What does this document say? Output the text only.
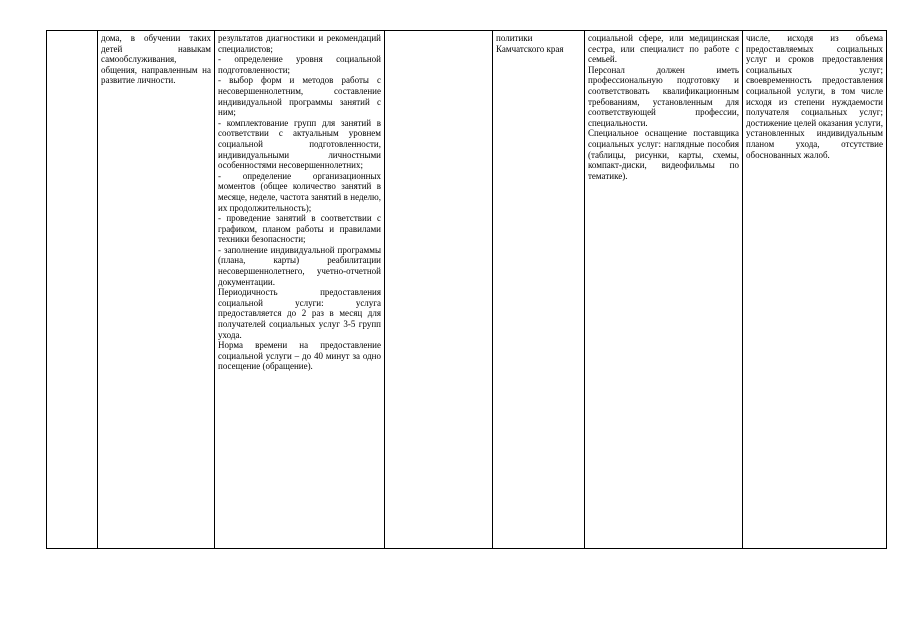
	дома, в обучении таких детей навыкам самообслуживания, общения, направленным на развитие личности.	результатов диагностики и рекомендаций специалистов;
- определение уровня социальной подготовленности;
- выбор форм и методов работы с несовершеннолетним, составление индивидуальной программы занятий с ним;
- комплектование групп для занятий в соответствии с актуальным уровнем социальной подготовленности, индивидуальными личностными особенностями несовершеннолетних;
- определение организационных моментов (общее количество занятий в месяце, неделе, частота занятий в неделю, их продолжительность);
- проведение занятий в соответствии с графиком, планом работы и правилами техники безопасности;
- заполнение индивидуальной программы (плана, карты) реабилитации несовершеннолетнего, учетно-отчетной документации.
Периодичность предоставления социальной услуги: услуга предоставляется до 2 раз в месяц для получателей социальных услуг 3-5 групп ухода.
Норма времени на предоставление социальной услуги – до 40 минут за одно посещение (обращение).		политики Камчатского края	социальной сфере, или медицинская сестра, или специалист по работе с семьей.
Персонал должен иметь профессиональную подготовку и соответствовать квалификационным требованиям, установленным для соответствующей профессии, специальности.
Специальное оснащение поставщика социальных услуг: наглядные пособия (таблицы, рисунки, карты, схемы, компакт-диски, видеофильмы по тематике).	числе, исходя из объема предоставляемых социальных услуг и сроков предоставления социальных услуг; своевременность предоставления социальной услуги, в том числе исходя из степени нуждаемости получателя социальных услуг; достижение целей оказания услуги, установленных индивидуальным планом ухода, отсутствие обоснованных жалоб.
